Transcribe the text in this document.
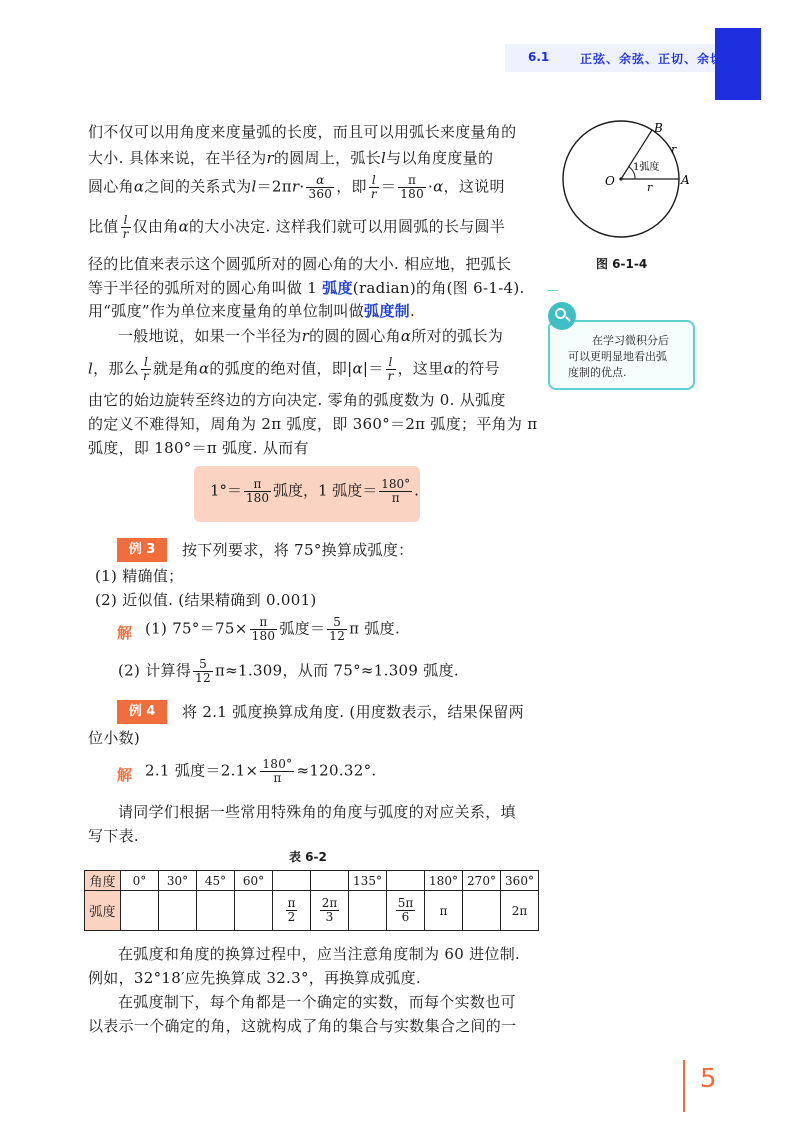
6.1	正弦、余弦、正切、余切
B
O	A
r
r
1弧度
图 6-1-4
们不仅可以用角度来度量弧的长度，而且可以用弧长来度量角的
大小. 具体来说，在半径为r的圆周上，弧长l与以角度度量的
圆心角α之间的关系式为$l=2\pi r\cdot \frac{\alpha}{360}$ ，即 $\frac{l}{r} = \frac{\pi}{180} \cdot\alpha$，这说明
比值 $\frac{l}{r}$ 仅由角α的大小决定. 这样我们就可以用圆弧的长与圆半
径的比值来表示这个圆弧所对的圆心角的大小. 相应地，把弧长
等于半径的弧所对的圆心角叫做 1 弧度(radian)的角(图 6-1-4).
用“弧度”作为单位来度量角的单位制叫做弧度制.
在学习微积分后
可以更明显地看出弧
度制的优点.
一般地说，如果一个半径为r的圆的圆心角α所对的弧长为
l，那么 $\frac{l}{r}$ 就是角α的弧度的绝对值，即$|\alpha|= \frac{l}{r}$ ，这里α的符号
由它的始边旋转至终边的方向决定. 零角的弧度数为 0. 从弧度
的定义不难得知，周角为 2π 弧度，即 360°＝2π 弧度；平角为 π
弧度，即 180°＝π 弧度. 从而有
$1^\circ= \frac{\pi}{180}$ 弧度，1 弧度＝ $\frac{180^\circ}{\pi}$ .
例 3	按下列要求，将 75°换算成弧度：
(1) 精确值；
(2) 近似值. (结果精确到 0.001)
解 (1) $75^\circ=75\times \frac{\pi}{180}$ 弧度＝ $\frac{5}{12}$ π 弧度.
(2) 计算得 $\frac{5}{12} \pi\approx 1.309$，从而 75°≈1.309 弧度.
例 4	将 2.1 弧度换算成角度. (用度数表示，结果保留两
位小数)
解 2.1 弧度$=2.1\times \frac{180^\circ}{\pi} \approx 120.32^\circ$.
请同学们根据一些常用特殊角的角度与弧度的对应关系，填
写下表.
表 6-2
角度	0°	30°	45°	60°			135°		180°	270°	360°
弧度					$\frac{\pi}{2}$	$\frac{2\pi}{3}$		$\frac{5\pi}{6}$	π		2π
在弧度和角度的换算过程中，应当注意角度制为 60 进位制.
例如，32°18′应先换算成 32.3°，再换算成弧度.
在弧度制下，每个角都是一个确定的实数，而每个实数也可
以表示一个确定的角，这就构成了角的集合与实数集合之间的一
5
